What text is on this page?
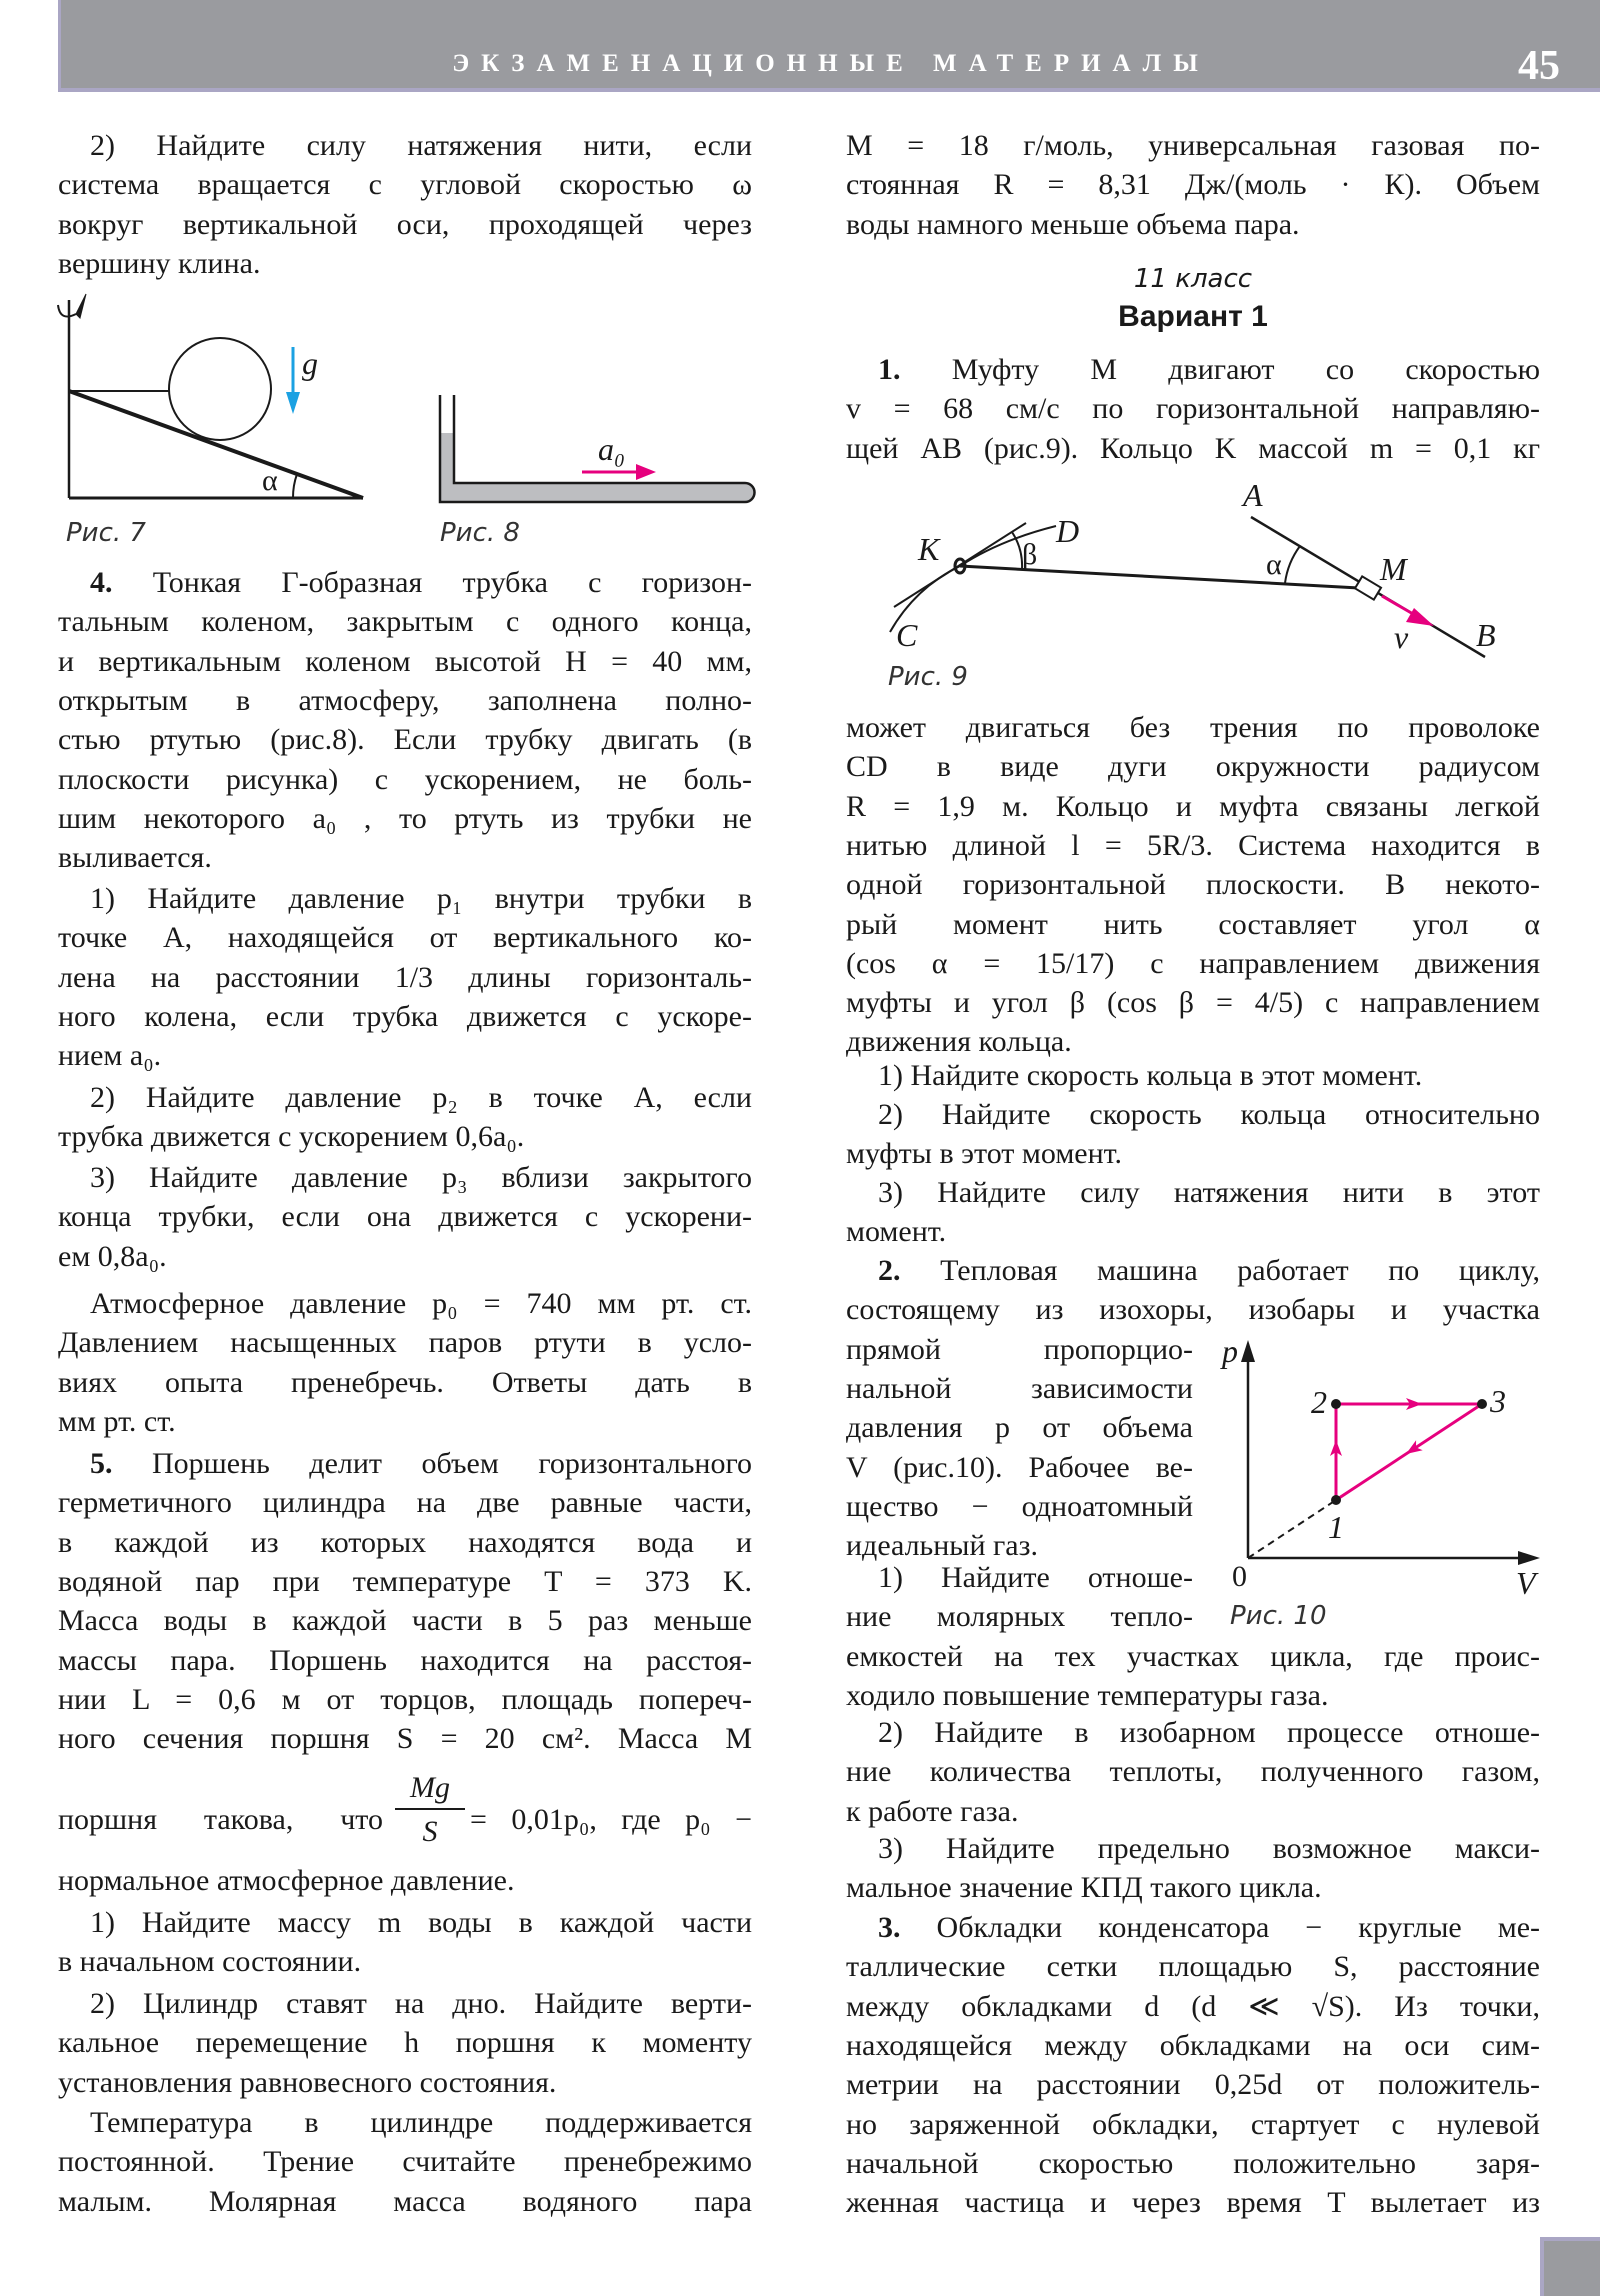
ЭКЗАМЕНАЦИОННЫЕ МАТЕРИАЛЫ	45
2) Найдите силу натяжения нити, если
система вращается с угловой скоростью ω
вокруг вертикальной оси, проходящей через
вершину клина.
4. Тонкая Г-образная трубка с горизон-
тальным коленом, закрытым с одного конца,
и вертикальным коленом высотой H = 40 мм,
открытым в атмосферу, заполнена полно-
стью ртутью (рис.8). Если трубку двигать (в
плоскости рисунка) с ускорением, не боль-
шим некоторого a₀ , то ртуть из трубки не
выливается.
1) Найдите давление p₁ внутри трубки в
точке A, находящейся от вертикального ко-
лена на расстоянии 1/3 длины горизонталь-
ного колена, если трубка движется с ускоре-
нием a₀.
2) Найдите давление p₂ в точке A, если
трубка движется с ускорением 0,6a₀.
3) Найдите давление p₃ вблизи закрытого
конца трубки, если она движется с ускорени-
ем 0,8a₀.
Атмосферное давление p₀ = 740 мм рт. ст.
Давлением насыщенных паров ртути в усло-
виях опыта пренебречь. Ответы дать в
мм рт. ст.
5. Поршень делит объем горизонтального
герметичного цилиндра на две равные части,
в каждой из которых находятся вода и
водяной пар при температуре T = 373 K.
Масса воды в каждой части в 5 раз меньше
массы пара. Поршень находится на расстоя-
нии L = 0,6 м от торцов, площадь попереч-
ного сечения поршня S = 20 см². Масса M
нормальное атмосферное давление.
1) Найдите массу m воды в каждой части
в начальном состоянии.
2) Цилиндр ставят на дно. Найдите верти-
кальное перемещение h поршня к моменту
установления равновесного состояния.
Температура в цилиндре поддерживается
постоянной. Трение считайте пренебрежимо
малым. Молярная масса водяного пара
M = 18 г/моль, универсальная газовая по-
стоянная R = 8,31 Дж/(моль · К). Объем
воды намного меньше объема пара.
1. Муфту M двигают со скоростью
v = 68 см/с по горизонтальной направляю-
щей AB (рис.9). Кольцо K массой m = 0,1 кг
может двигаться без трения по проволоке
CD в виде дуги окружности радиусом
R = 1,9 м. Кольцо и муфта связаны легкой
нитью длиной l = 5R/3. Система находится в
одной горизонтальной плоскости. В некото-
рый момент нить составляет угол α
(cos α = 15/17) с направлением движения
муфты и угол β (cos β = 4/5) с направлением
движения кольца.
1) Найдите скорость кольца в этот момент.
2) Найдите скорость кольца относительно
муфты в этот момент.
3) Найдите силу натяжения нити в этот
момент.
2. Тепловая машина работает по циклу,
состоящему из изохоры, изобары и участка
прямой пропорцио-
нальной зависимости
давления p от объема
V (рис.10). Рабочее ве-
щество − одноатомный
идеальный газ.
1) Найдите отноше-
ние молярных тепло-
емкостей на тех участках цикла, где проис-
ходило повышение температуры газа.
2) Найдите в изобарном процессе отноше-
ние количества теплоты, полученного газом,
к работе газа.
3) Найдите предельно возможное макси-
мальное значение КПД такого цикла.
3. Обкладки конденсатора − круглые ме-
таллические сетки площадью S, расстояние
между обкладками d (d ≪ √S). Из точки,
находящейся между обкладками на оси сим-
метрии на расстоянии 0,25d от положитель-
но заряженной обкладки, стартует с нулевой
начальной скоростью положительно заря-
женная частица и через время T вылетает из
11 класс
Вариант 1
поршня такова, что $\frac{Mg}{S} = 0,01p_0$, где p₀ −
g
α
Рис. 7
a₀
Рис. 8	K	D
β
A
α	M
C	v B
Рис. 9
p
2	3
1
0	V
Рис. 10
